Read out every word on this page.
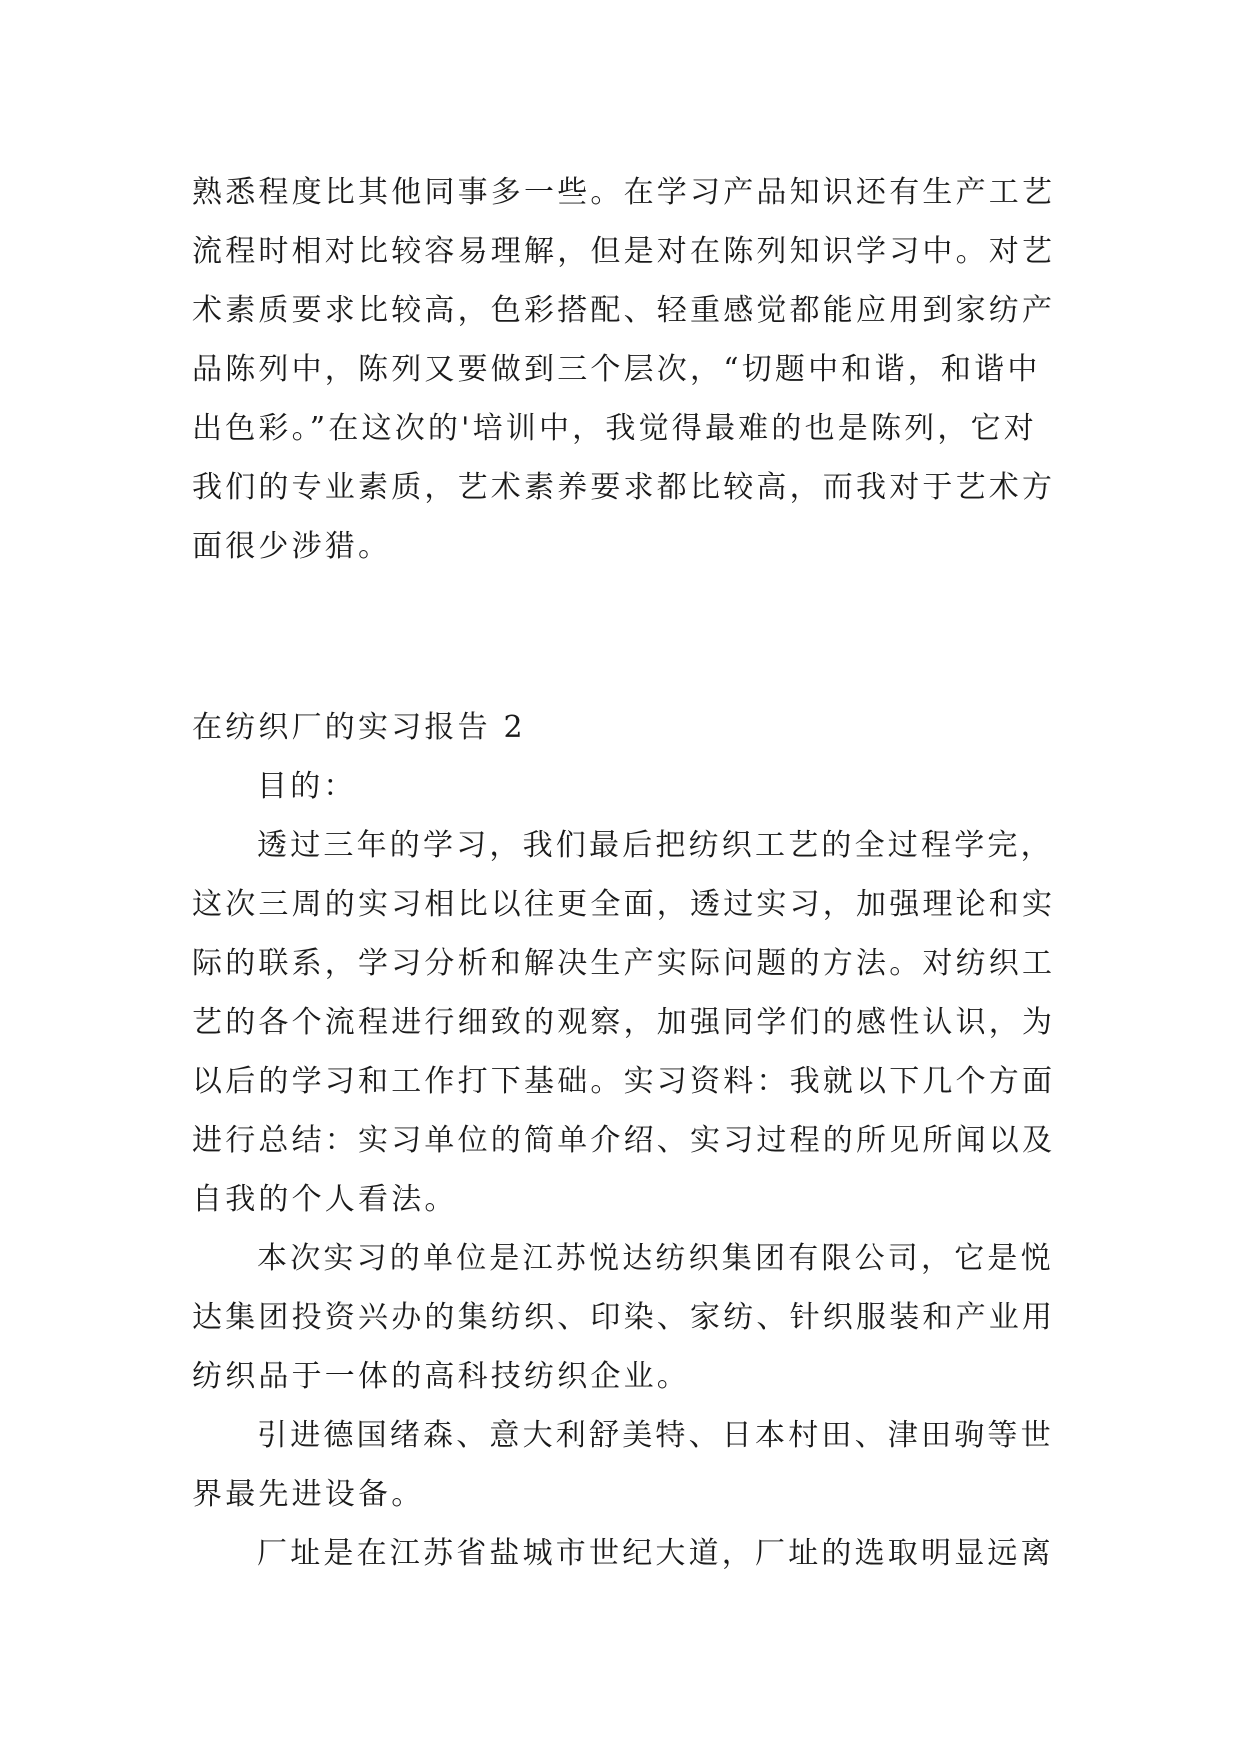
熟悉程度比其他同事多一些。在学习产品知识还有生产工艺
流程时相对比较容易理解，但是对在陈列知识学习中。对艺
术素质要求比较高，色彩搭配、轻重感觉都能应用到家纺产
品陈列中，陈列又要做到三个层次，“切题中和谐，和谐中
出色彩。”在这次的'培训中，我觉得最难的也是陈列，它对
我们的专业素质，艺术素养要求都比较高，而我对于艺术方
面很少涉猎。
在纺织厂的实习报告 2
目的：
透过三年的学习，我们最后把纺织工艺的全过程学完，
这次三周的实习相比以往更全面，透过实习，加强理论和实
际的联系，学习分析和解决生产实际问题的方法。对纺织工
艺的各个流程进行细致的观察，加强同学们的感性认识，为
以后的学习和工作打下基础。实习资料：我就以下几个方面
进行总结：实习单位的简单介绍、实习过程的所见所闻以及
自我的个人看法。
本次实习的单位是江苏悦达纺织集团有限公司，它是悦
达集团投资兴办的集纺织、印染、家纺、针织服装和产业用
纺织品于一体的高科技纺织企业。
引进德国绪森、意大利舒美特、日本村田、津田驹等世
界最先进设备。
厂址是在江苏省盐城市世纪大道，厂址的选取明显远离
